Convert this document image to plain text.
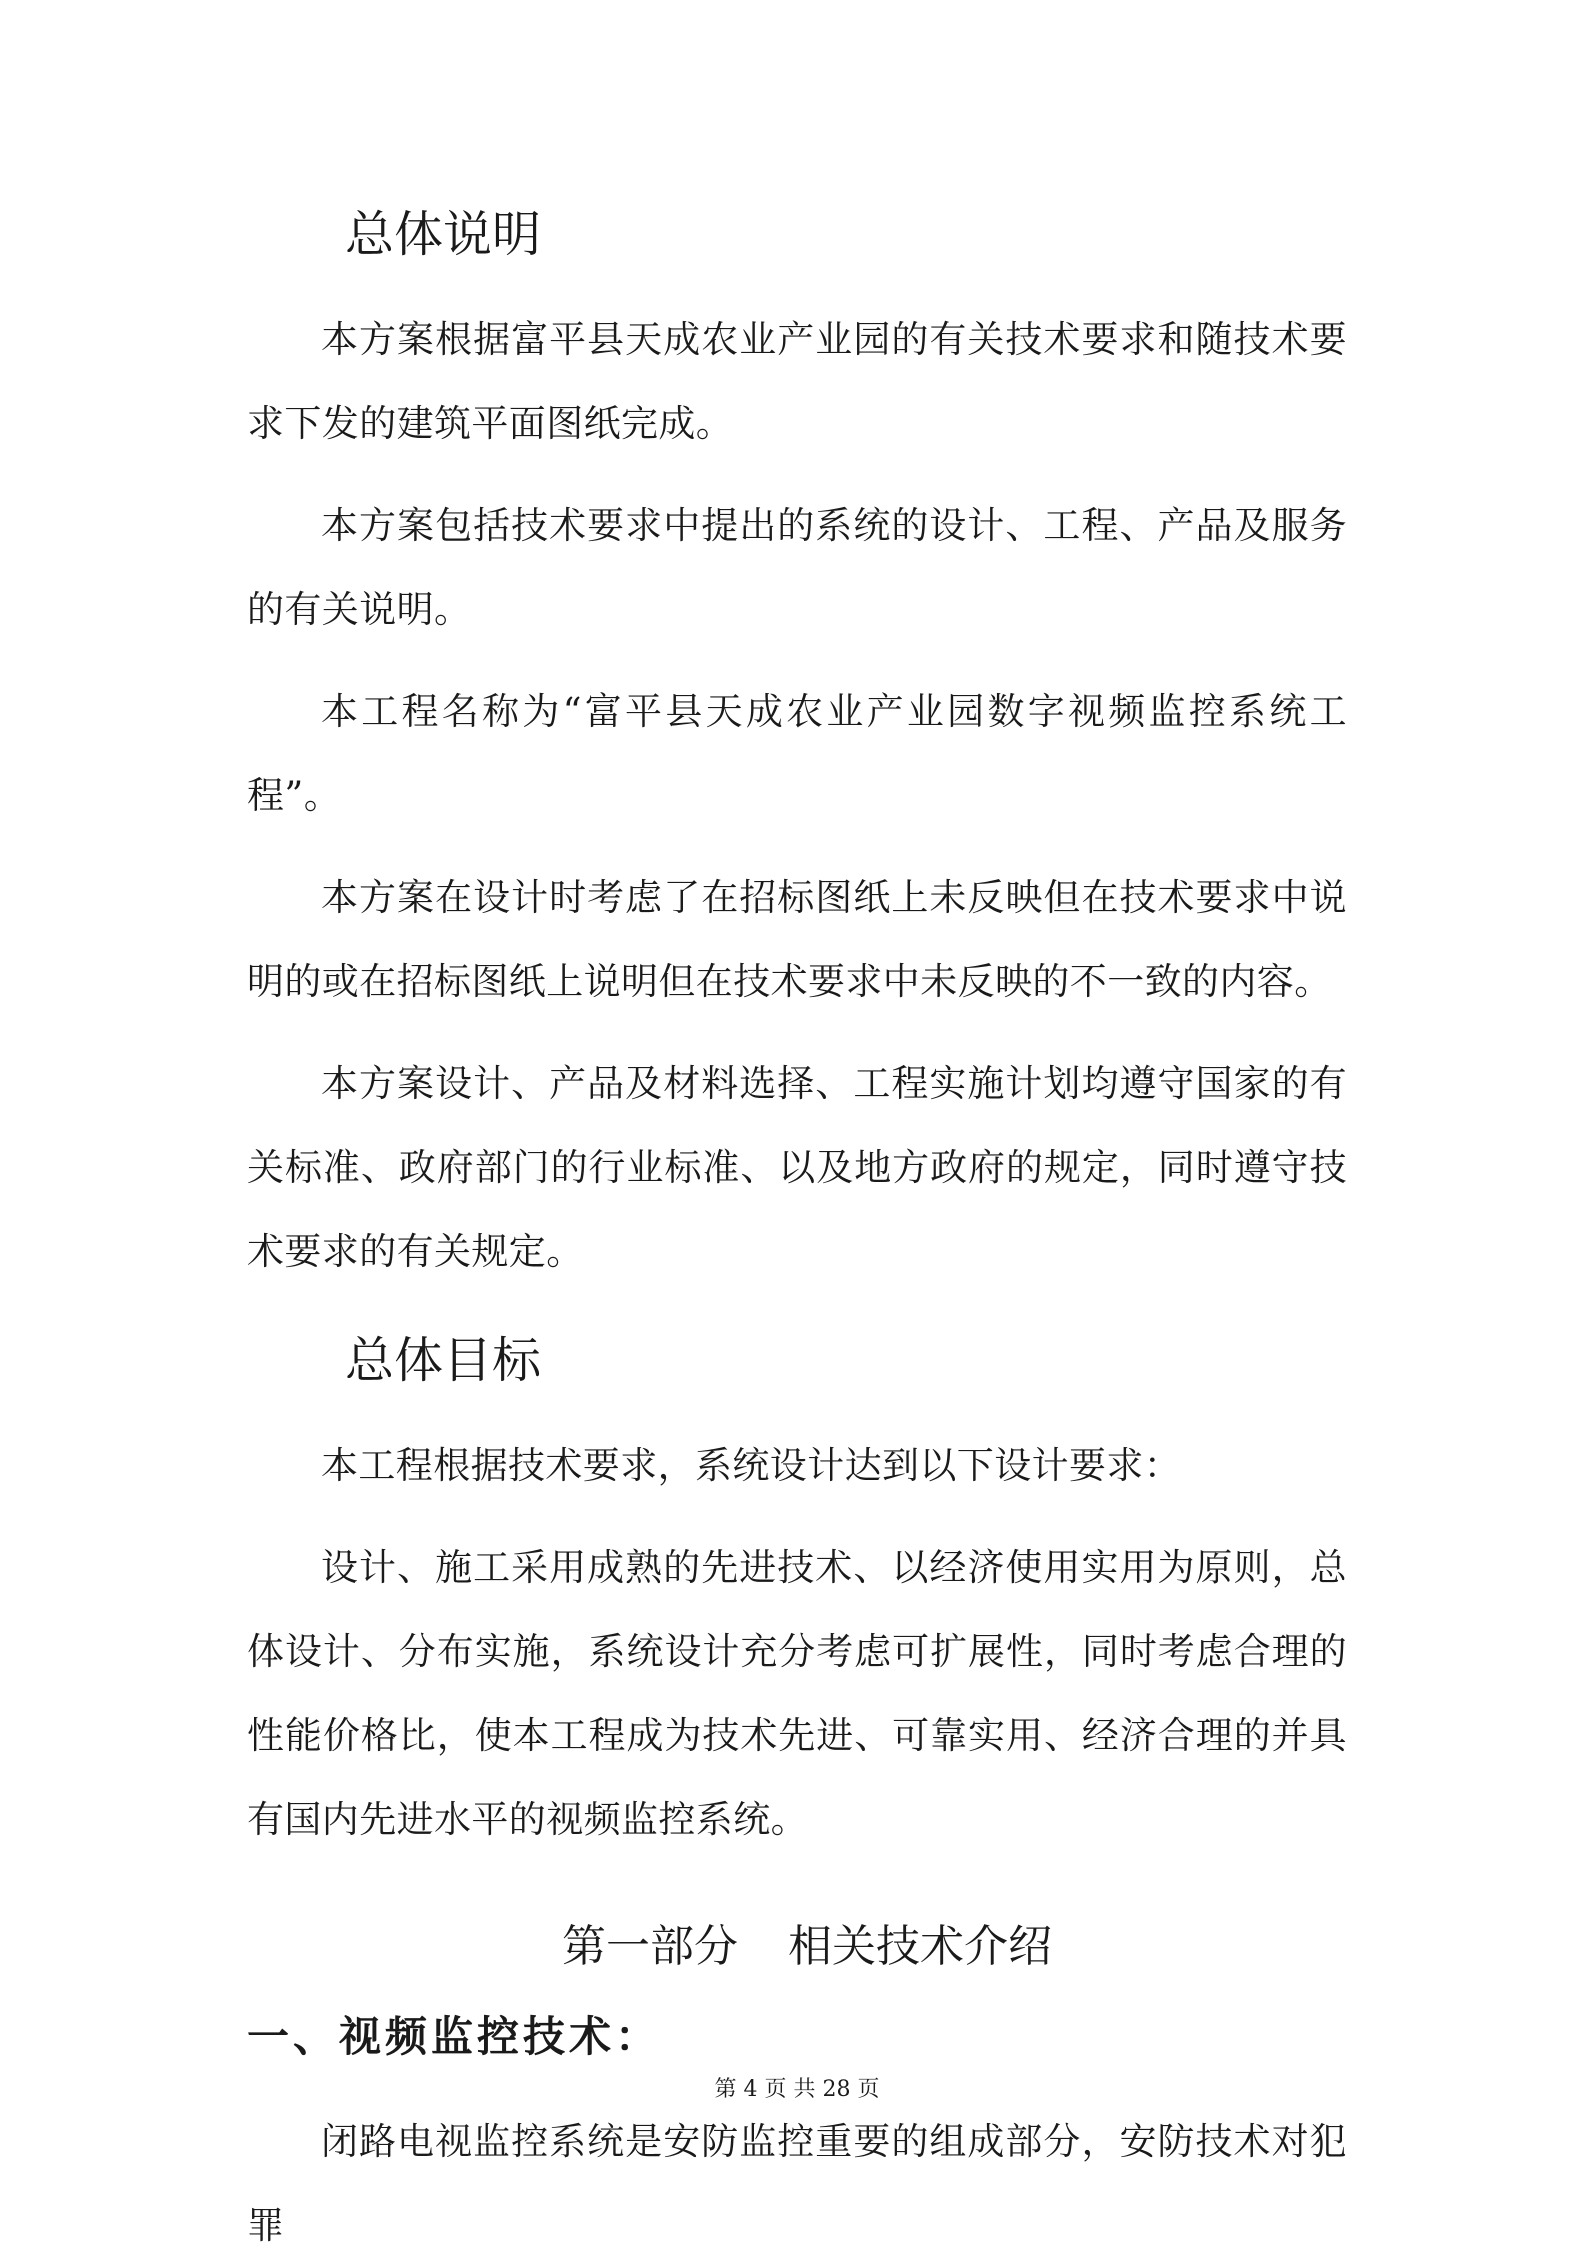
总体说明

本方案根据富平县天成农业产业园的有关技术要求和随技术要求下发的建筑平面图纸完成。

本方案包括技术要求中提出的系统的设计、工程、产品及服务的有关说明。

本工程名称为“富平县天成农业产业园数字视频监控系统工程”。

本方案在设计时考虑了在招标图纸上未反映但在技术要求中说明的或在招标图纸上说明但在技术要求中未反映的不一致的内容。

本方案设计、产品及材料选择、工程实施计划均遵守国家的有关标准、政府部门的行业标准、以及地方政府的规定，同时遵守技术要求的有关规定。

总体目标

本工程根据技术要求，系统设计达到以下设计要求：

设计、施工采用成熟的先进技术、以经济使用实用为原则，总体设计、分布实施，系统设计充分考虑可扩展性，同时考虑合理的性能价格比，使本工程成为技术先进、可靠实用、经济合理的并具有国内先进水平的视频监控系统。

第一部分 相关技术介绍
一、视频监控技术：

闭路电视监控系统是安防监控重要的组成部分，安防技术对犯罪

第 4 页 共 28 页
